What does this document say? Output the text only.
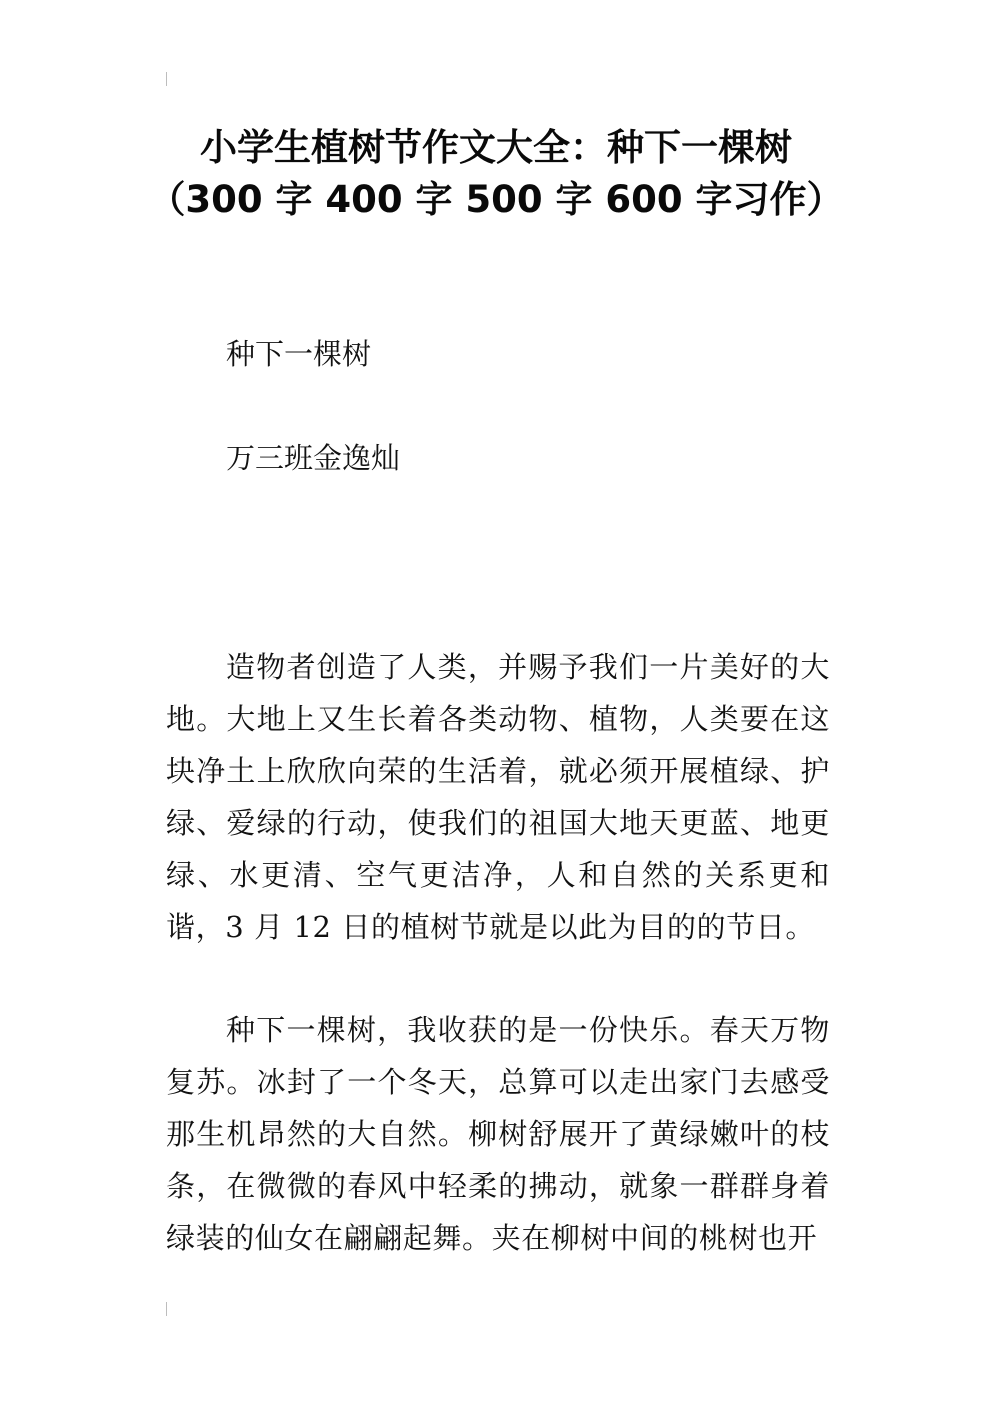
小学生植树节作文大全：种下一棵树
（300 字 400 字 500 字 600 字习作）

种下一棵树

万三班金逸灿

造物者创造了人类，并赐予我们一片美好的大地。大地上又生长着各类动物、植物，人类要在这块净土上欣欣向荣的生活着，就必须开展植绿、护绿、爱绿的行动，使我们的祖国大地天更蓝、地更绿、水更清、空气更洁净，人和自然的关系更和谐，3 月 12 日的植树节就是以此为目的的节日。

种下一棵树，我收获的是一份快乐。春天万物复苏。冰封了一个冬天，总算可以走出家门去感受那生机昂然的大自然。柳树舒展开了黄绿嫩叶的枝条，在微微的春风中轻柔的拂动，就象一群群身着绿装的仙女在翩翩起舞。夹在柳树中间的桃树也开
